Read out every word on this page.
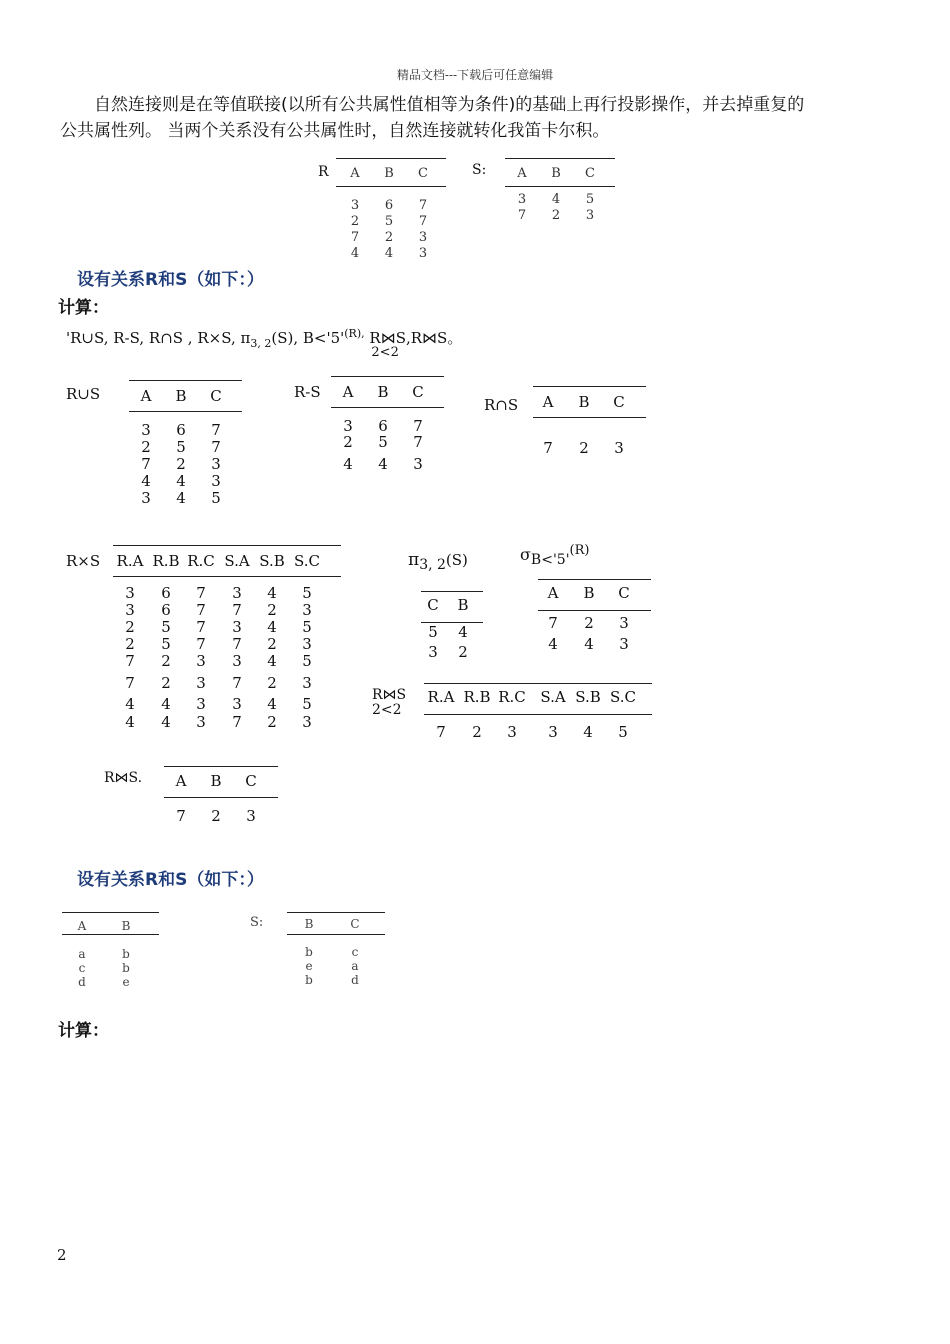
精品文档---下载后可任意编辑
自然连接则是在等值联接(以所有公共属性值相等为条件)的基础上再行投影操作，并去掉重复的
公共属性列。 当两个关系没有公共属性时，自然连接就转化我笛卡尔积。
R	S:
A	B	C
3	6	7
2	5	7
7	2	3
4	4	3
A	B	C
3	4	5
7	2	3
设有关系R和S（如下：）
计算：
'R∪S, R-S, R∩S , R×S, $\pi_{3, 2}(S)$, $B<'5'^{(R),}$ R⋈S
2<2
,R⋈S。
R∪S	A	B	C
3	6	7
2	5	7
7	2	3
4	4	3
3	4	5
R-S	A	B	C
3	6	7
2	5	7
4	4	3
R∩S	A	B	C
7	2	3
R×S R.A R.B R.C S.A S.B S.C
3	6	7	3	4	5
3	6	7	7	2	3
2	5	7	3	4	5
2	5	7	7	2	3
7	2	3	3	4	5
7	2	3	7	2	3
4	4	3	3	4	5
4	4	3	7	2	3
$\pi_{3, 2}(S)$
C	B
5	4
3	2
$\sigma_{B<'5'}^{(R)}$
A	B	C
7	2	3
4	4	3
R⋈S
2<2
R.A R.B R.C S.A S.B S.C
7	2	3	3	4	5
R⋈S.	A	B	C
7	2	3
设有关系R和S（如下：）
A	B
a	b
c	b
d	e
S:	B	C
b	c
e	a
b	d
计算：
2
